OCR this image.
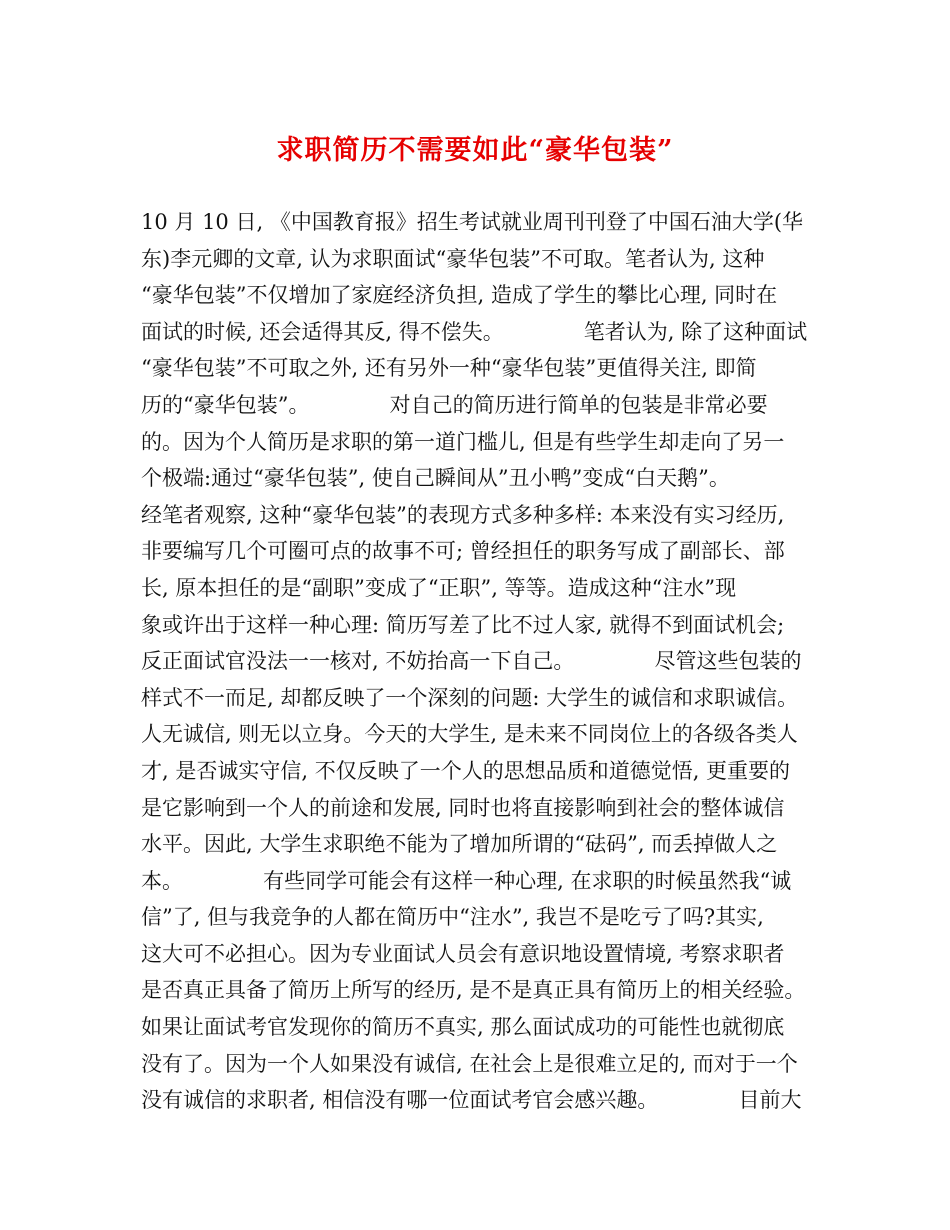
求职简历不需要如此“豪华包装”
10 月 10 日, 《中国教育报》招生考试就业周刊刊登了中国石油大学(华
东)李元卿的文章, 认为求职面试“豪华包装”不可取。笔者认为, 这种
“豪华包装”不仅增加了家庭经济负担, 造成了学生的攀比心理, 同时在
面试的时候, 还会适得其反, 得不偿失。            笔者认为, 除了这种面试
“豪华包装”不可取之外, 还有另外一种“豪华包装”更值得关注, 即简
历的“豪华包装”。            对自己的简历进行简单的包装是非常必要
的。因为个人简历是求职的第一道门槛儿, 但是有些学生却走向了另一
个极端:通过“豪华包装”, 使自己瞬间从”丑小鸭”变成“白天鹅”。
经笔者观察, 这种“豪华包装”的表现方式多种多样: 本来没有实习经历,
非要编写几个可圈可点的故事不可; 曾经担任的职务写成了副部长、部
长, 原本担任的是“副职”变成了“正职”, 等等。造成这种“注水”现
象或许出于这样一种心理: 简历写差了比不过人家, 就得不到面试机会;
反正面试官没法一一核对, 不妨抬高一下自己。            尽管这些包装的
样式不一而足, 却都反映了一个深刻的问题: 大学生的诚信和求职诚信。
人无诚信, 则无以立身。今天的大学生, 是未来不同岗位上的各级各类人
才, 是否诚实守信, 不仅反映了一个人的思想品质和道德觉悟, 更重要的
是它影响到一个人的前途和发展, 同时也将直接影响到社会的整体诚信
水平。因此, 大学生求职绝不能为了增加所谓的“砝码”, 而丢掉做人之
本。            有些同学可能会有这样一种心理, 在求职的时候虽然我“诚
信”了, 但与我竞争的人都在简历中“注水”, 我岂不是吃亏了吗?其实,
这大可不必担心。因为专业面试人员会有意识地设置情境, 考察求职者
是否真正具备了简历上所写的经历, 是不是真正具有简历上的相关经验。
如果让面试考官发现你的简历不真实, 那么面试成功的可能性也就彻底
没有了。因为一个人如果没有诚信, 在社会上是很难立足的, 而对于一个
没有诚信的求职者, 相信没有哪一位面试考官会感兴趣。            目前大
